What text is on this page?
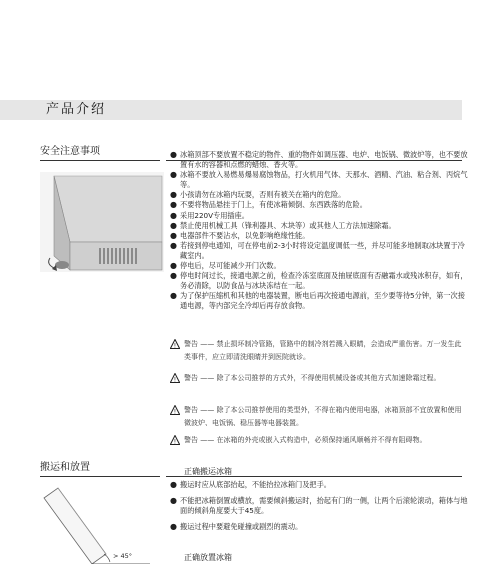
产品介绍
安全注意事项	● 冰箱顶部不要放置不稳定的物件、重的物件如调压器、电炉、电饭锅、微波炉等，也不要放置有水的容器和点燃的蜡烛、香火等。
● 冰箱不要放入易燃易爆易腐蚀物品，打火机用气体、天那水、酒精、汽油、粘合剂、丙烷气等。
● 小孩请勿在冰箱内玩耍，否则有被关在箱内的危险。
● 不要将物品悬挂于门上，有使冰箱倾倒、东西跌落的危险。
● 采用220V专用插座。
● 禁止使用机械工具（锋利器具、木块等）或其他人工方法加速除霜。
● 电器部件不要沾水，以免影响绝缘性能。
● 若接到停电通知，可在停电前2-3小时将设定温度调低一些，并尽可能多地制取冰块置于冷藏室内。
● 停电后，尽可能减少开门次数。
● 停电时间过长，接通电源之前，检查冷冻室底面及抽屉底面有否融霜水或残冰积存，如有，务必清除，以防食品与冰块冻结在一起。
● 为了保护压缩机和其他的电器装置，断电后再次接通电源前，至少要等待5分钟，第一次接通电源，等内部完全冷却后再存放食物。
!	警告 —— 禁止损坏制冷管路，管路中的制冷剂若溅入眼睛，会造成严重伤害。万一发生此类事件，应立即清洗眼睛并到医院就诊。
!	警告 —— 除了本公司推荐的方式外，不得使用机械设备或其他方式加速除霜过程。
!	警告 —— 除了本公司推荐使用的类型外，不得在箱内使用电器，冰箱顶部不宜放置和使用微波炉、电饭锅、稳压器等电器装置。
!	警告 —— 在冰箱的外壳或嵌入式构造中，必须保持通风顺畅并不得有阻碍物。
搬运和放置
> 45°
正确搬运冰箱
● 搬运时应从底部抬起，不能抬拉冰箱门及把手。
● 不能把冰箱倒置或横放，需要倾斜搬运时，抬起有门的一侧，让两个后滚轮滚动，箱体与地面的倾斜角度要大于45度。
● 搬运过程中要避免碰撞或剧烈的震动。
正确放置冰箱
